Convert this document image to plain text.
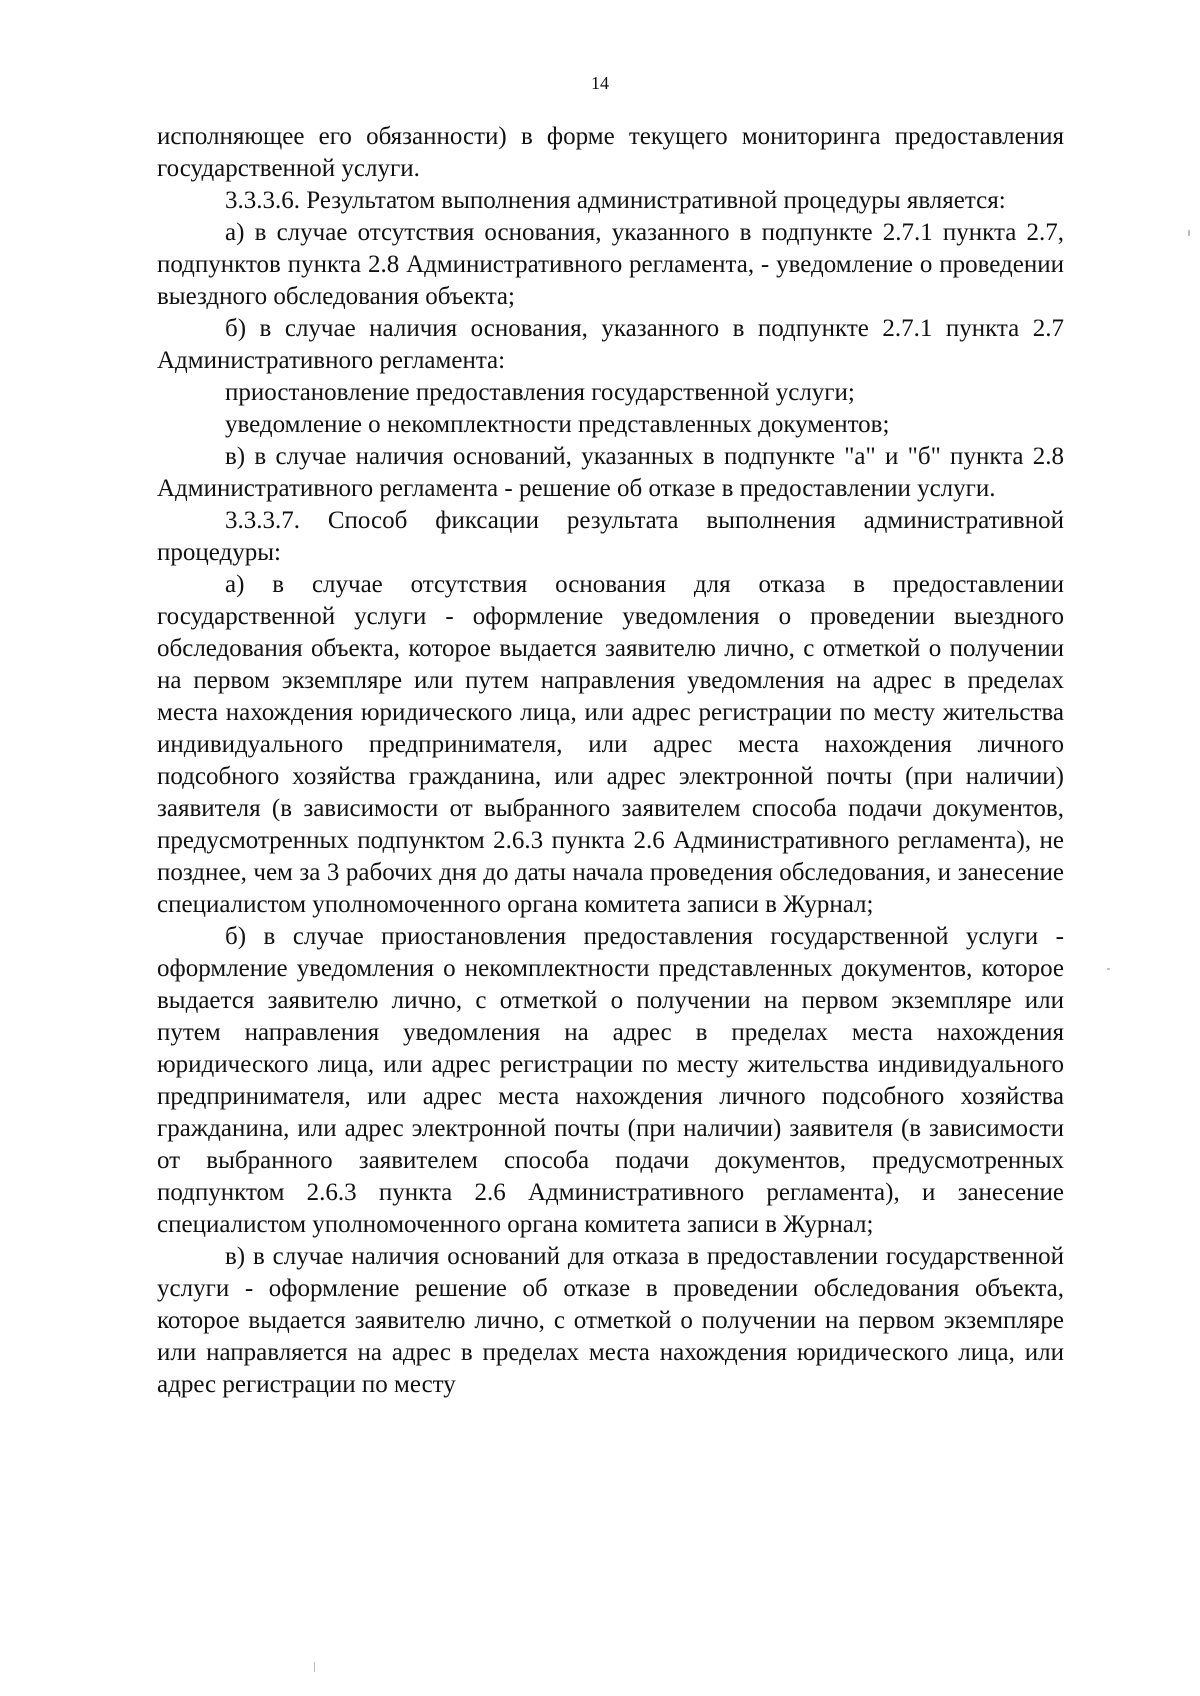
14

исполняющее его обязанности) в форме текущего мониторинга предоставления государственной услуги.

3.3.3.6. Результатом выполнения административной процедуры является:

а) в случае отсутствия основания, указанного в подпункте 2.7.1 пункта 2.7, подпунктов пункта 2.8 Административного регламента, - уведомление о проведении выездного обследования объекта;

б) в случае наличия основания, указанного в подпункте 2.7.1 пункта 2.7 Административного регламента:

приостановление предоставления государственной услуги;

уведомление о некомплектности представленных документов;

в) в случае наличия оснований, указанных в подпункте "а" и "б" пункта 2.8 Административного регламента - решение об отказе в предоставлении услуги.

3.3.3.7. Способ фиксации результата выполнения административной процедуры:

а) в случае отсутствия основания для отказа в предоставлении государственной услуги - оформление уведомления о проведении выездного обследования объекта, которое выдается заявителю лично, с отметкой о получении на первом экземпляре или путем направления уведомления на адрес в пределах места нахождения юридического лица, или адрес регистрации по месту жительства индивидуального предпринимателя, или адрес места нахождения личного подсобного хозяйства гражданина, или адрес электронной почты (при наличии) заявителя (в зависимости от выбранного заявителем способа подачи документов, предусмотренных подпунктом 2.6.3 пункта 2.6 Административного регламента), не позднее, чем за 3 рабочих дня до даты начала проведения обследования, и занесение специалистом уполномоченного органа комитета записи в Журнал;

б) в случае приостановления предоставления государственной услуги - оформление уведомления о некомплектности представленных документов, которое выдается заявителю лично, с отметкой о получении на первом экземпляре или путем направления уведомления на адрес в пределах места нахождения юридического лица, или адрес регистрации по месту жительства индивидуального предпринимателя, или адрес места нахождения личного подсобного хозяйства гражданина, или адрес электронной почты (при наличии) заявителя (в зависимости от выбранного заявителем способа подачи документов, предусмотренных подпунктом 2.6.3 пункта 2.6 Административного регламента), и занесение специалистом уполномоченного органа комитета записи в Журнал;

в) в случае наличия оснований для отказа в предоставлении государственной услуги - оформление решение об отказе в проведении обследования объекта, которое выдается заявителю лично, с отметкой о получении на первом экземпляре или направляется на адрес в пределах места нахождения юридического лица, или адрес регистрации по месту
